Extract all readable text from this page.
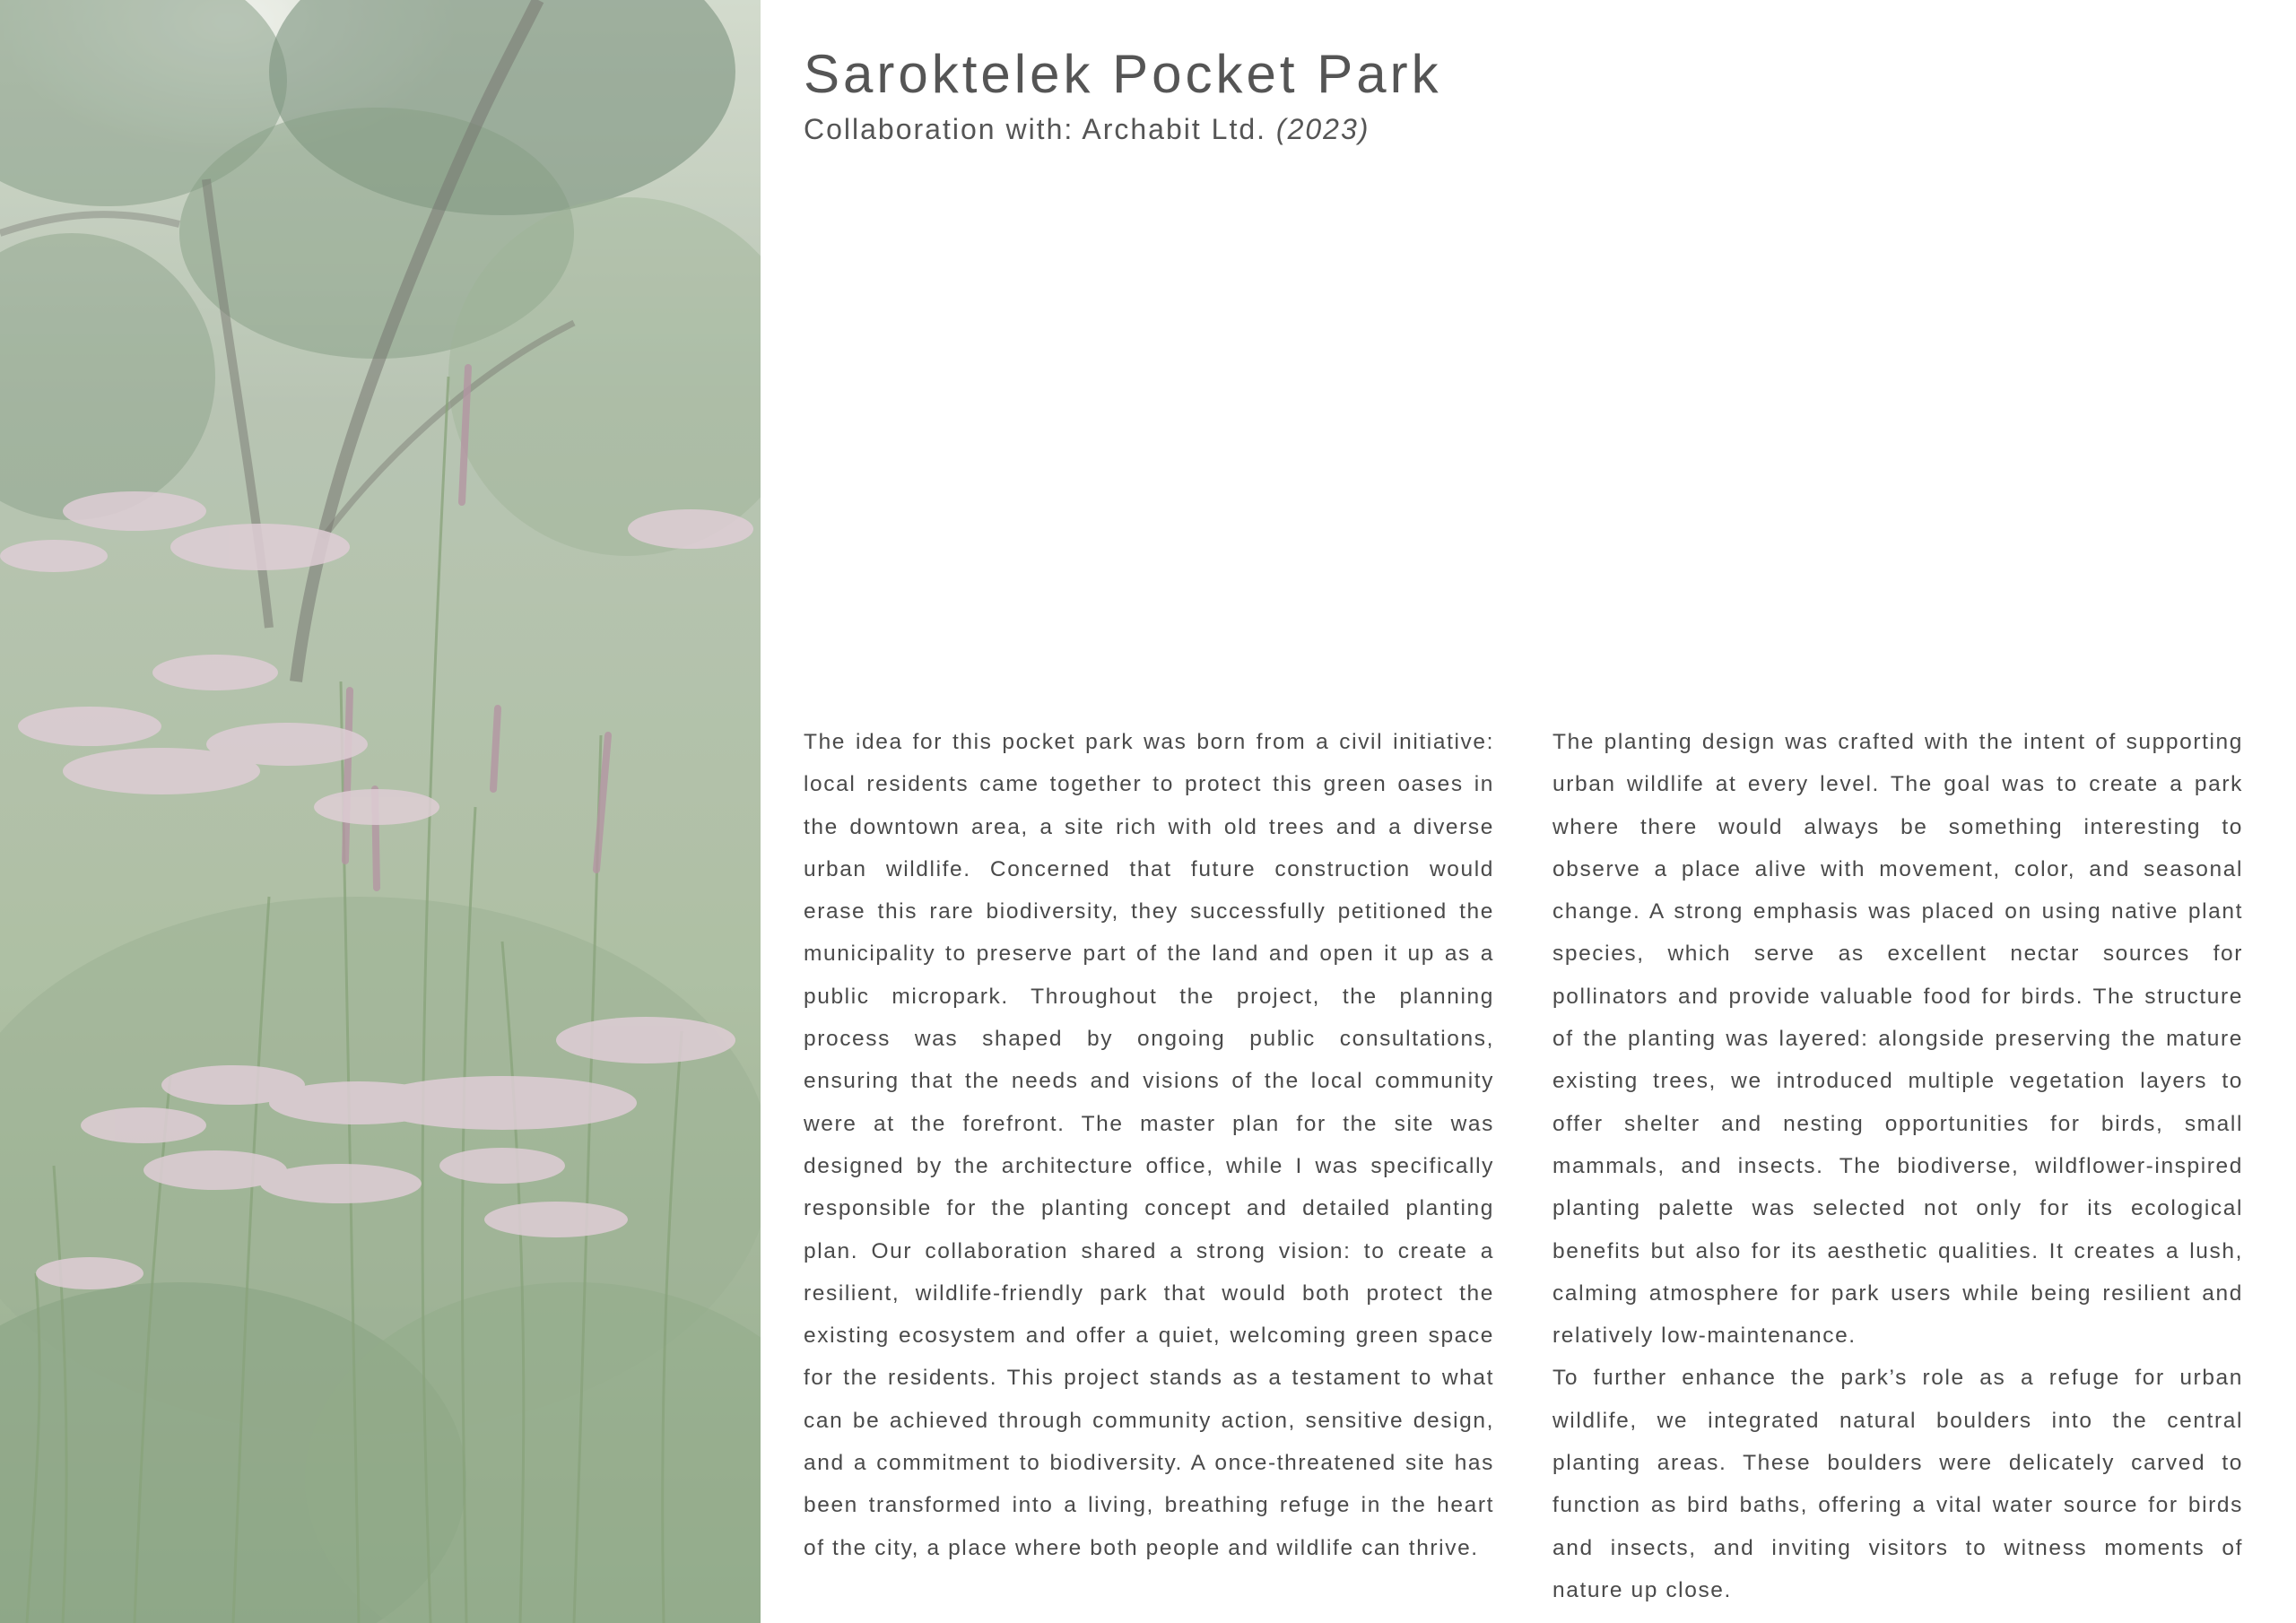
Saroktelek Pocket Park
Collaboration with: Archabit Ltd. (2023)

The idea for this pocket park was born from a civil initiative: local residents came together to protect this green oases in the downtown area, a site rich with old trees and a diverse urban wildlife. Concerned that future construction would erase this rare biodiversity, they successfully petitioned the municipality to preserve part of the land and open it up as a public micropark. Throughout the project, the planning process was shaped by ongoing public consultations, ensuring that the needs and visions of the local community were at the forefront. The master plan for the site was designed by the architecture office, while I was specifically responsible for the planting concept and detailed planting plan. Our collaboration shared a strong vision: to create a resilient, wildlife-friendly park that would both protect the existing ecosystem and offer a quiet, welcoming green space for the residents. This project stands as a testament to what can be achieved through community action, sensitive design, and a commitment to biodiversity. A once-threatened site has been transformed into a living, breathing refuge in the heart of the city, a place where both people and wildlife can thrive.

The planting design was crafted with the intent of supporting urban wildlife at every level. The goal was to create a park where there would always be something interesting to observe a place alive with movement, color, and seasonal change. A strong emphasis was placed on using native plant species, which serve as excellent nectar sources for pollinators and provide valuable food for birds. The structure of the planting was layered: alongside preserving the mature existing trees, we introduced multiple vegetation layers to offer shelter and nesting opportunities for birds, small mammals, and insects. The biodiverse, wildflower-inspired planting palette was selected not only for its ecological benefits but also for its aesthetic qualities. It creates a lush, calming atmosphere for park users while being resilient and relatively low-maintenance.

To further enhance the park’s role as a refuge for urban wildlife, we integrated natural boulders into the central planting areas. These boulders were delicately carved to function as bird baths, offering a vital water source for birds and insects, and inviting visitors to witness moments of nature up close.
